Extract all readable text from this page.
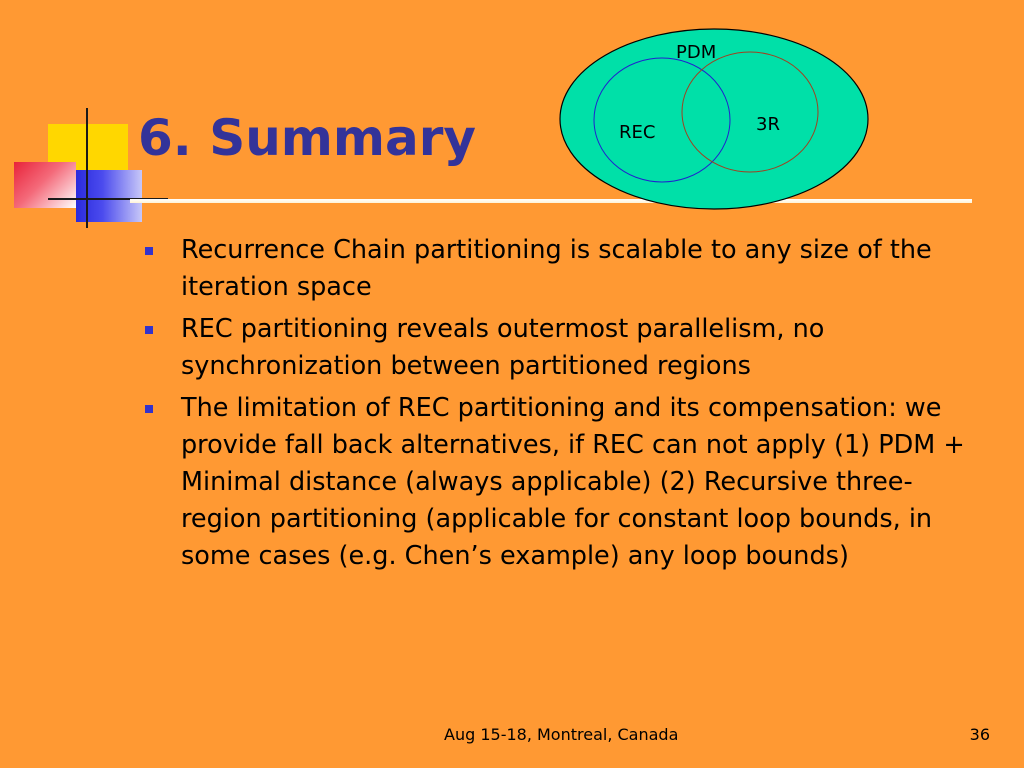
6. Summary
PDM
REC	3R
Recurrence Chain partitioning is scalable to any size of the iteration space
REC partitioning reveals outermost parallelism, no synchronization between partitioned regions
The limitation of REC partitioning and its compensation: we provide fall back alternatives, if REC can not apply (1) PDM + Minimal distance (always applicable) (2) Recursive three-region partitioning (applicable for constant loop bounds, in some cases (e.g. Chen’s example) any loop bounds)
Aug 15-18, Montreal, Canada	36
